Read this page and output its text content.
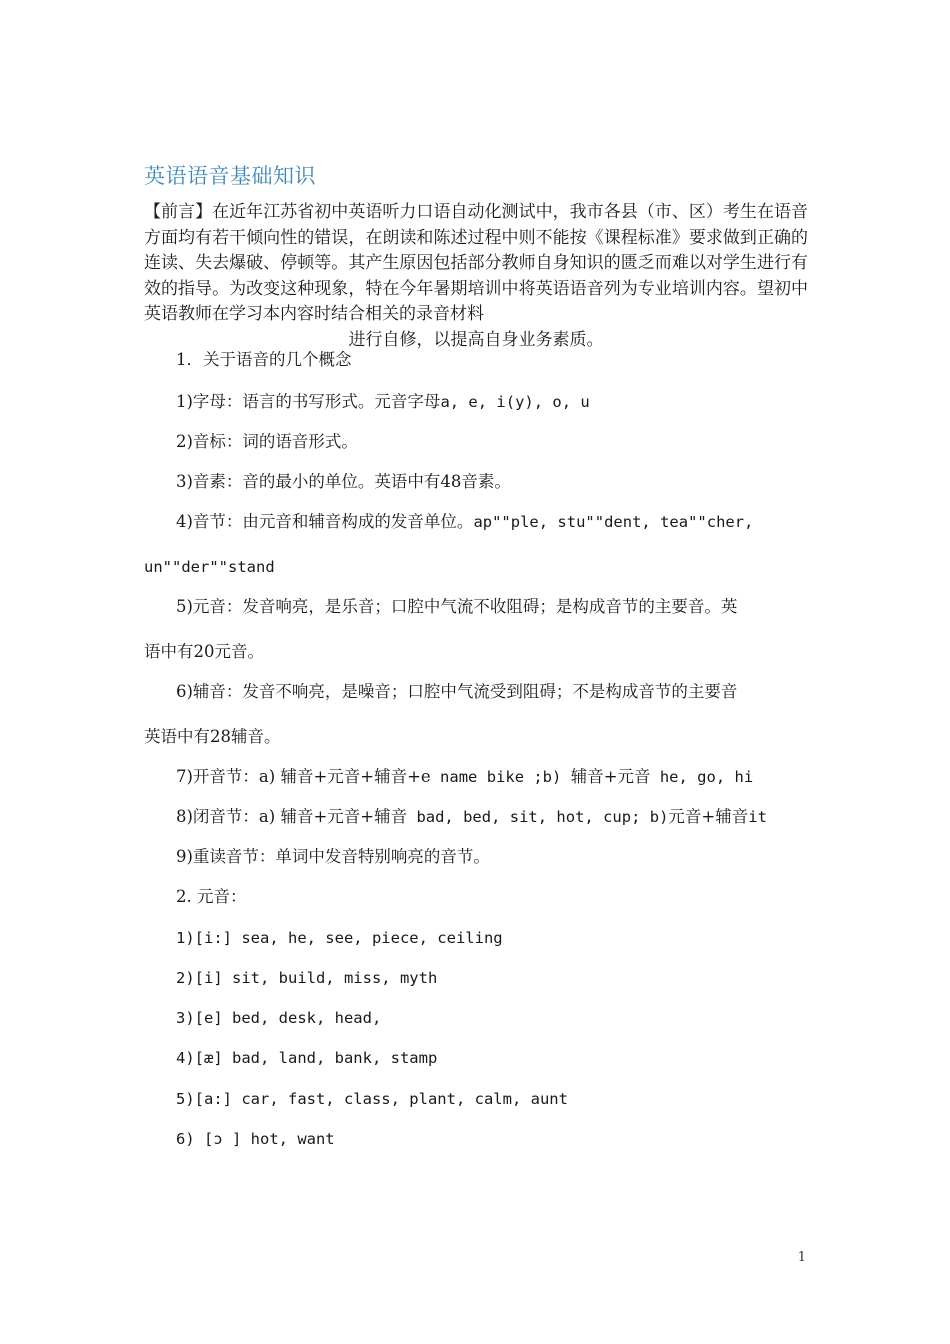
英语语音基础知识
【前言】在近年江苏省初中英语听力口语自动化测试中，我市各县（市、区）考生在语音方面均有若干倾向性的错误，在朗读和陈述过程中则不能按《课程标准》要求做到正确的连读、失去爆破、停顿等。其产生原因包括部分教师自身知识的匮乏而难以对学生进行有效的指导。为改变这种现象，特在今年暑期培训中将英语语音列为专业培训内容。望初中英语教师在学习本内容时结合相关的录音材料
进行自修，以提高自身业务素质。
1．关于语音的几个概念
1)字母：语言的书写形式。元音字母a, e, i(y), o, u
2)音标：词的语音形式。
3)音素：音的最小的单位。英语中有48音素。
4)音节：由元音和辅音构成的发音单位。ap""ple, stu""dent, tea""cher,
un""der""stand
5)元音：发音响亮，是乐音；口腔中气流不收阻碍；是构成音节的主要音。英
语中有20元音。
6)辅音：发音不响亮，是噪音；口腔中气流受到阻碍；不是构成音节的主要音
英语中有28辅音。
7)开音节：a) 辅音+元音+辅音+e name bike ;b) 辅音+元音 he, go, hi
8)闭音节：a) 辅音+元音+辅音 bad, bed, sit, hot, cup; b)元音+辅音it
9)重读音节：单词中发音特别响亮的音节。
2. 元音：
1)[i:] sea, he, see, piece, ceiling
2)[i] sit, build, miss, myth
3)[e] bed, desk, head,
4)[æ] bad, land, bank, stamp
5)[a:] car, fast, class, plant, calm, aunt
6) [ɔ ] hot, want
1
